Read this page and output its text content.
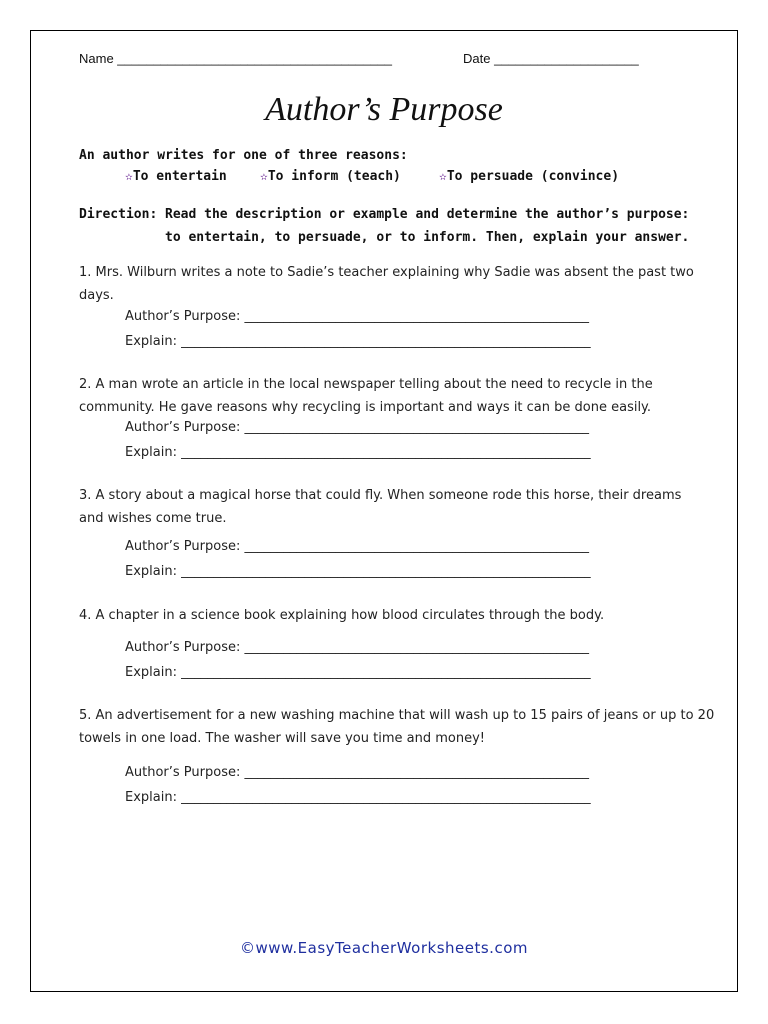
Name ______________________________________	Date ____________________
Author’s Purpose
An author writes for one of three reasons:
✫To entertain	✫To inform (teach)	✫To persuade (convince)
Direction: Read the description or example and determine the author’s purpose:
to entertain, to persuade, or to inform. Then, explain your answer.
1. Mrs. Wilburn writes a note to Sadie’s teacher explaining why Sadie was absent the past two days.
Author’s Purpose: _____________________________________________________
Explain: _______________________________________________________________
2. A man wrote an article in the local newspaper telling about the need to recycle in the community. He gave reasons why recycling is important and ways it can be done easily.
Author’s Purpose: _____________________________________________________
Explain: _______________________________________________________________
3. A story about a magical horse that could fly. When someone rode this horse, their dreams and wishes come true.
Author’s Purpose: _____________________________________________________
Explain: _______________________________________________________________
4. A chapter in a science book explaining how blood circulates through the body.
Author’s Purpose: _____________________________________________________
Explain: _______________________________________________________________
5. An advertisement for a new washing machine that will wash up to 15 pairs of jeans or up to 20 towels in one load. The washer will save you time and money!
Author’s Purpose: _____________________________________________________
Explain: _______________________________________________________________
©www.EasyTeacherWorksheets.com
